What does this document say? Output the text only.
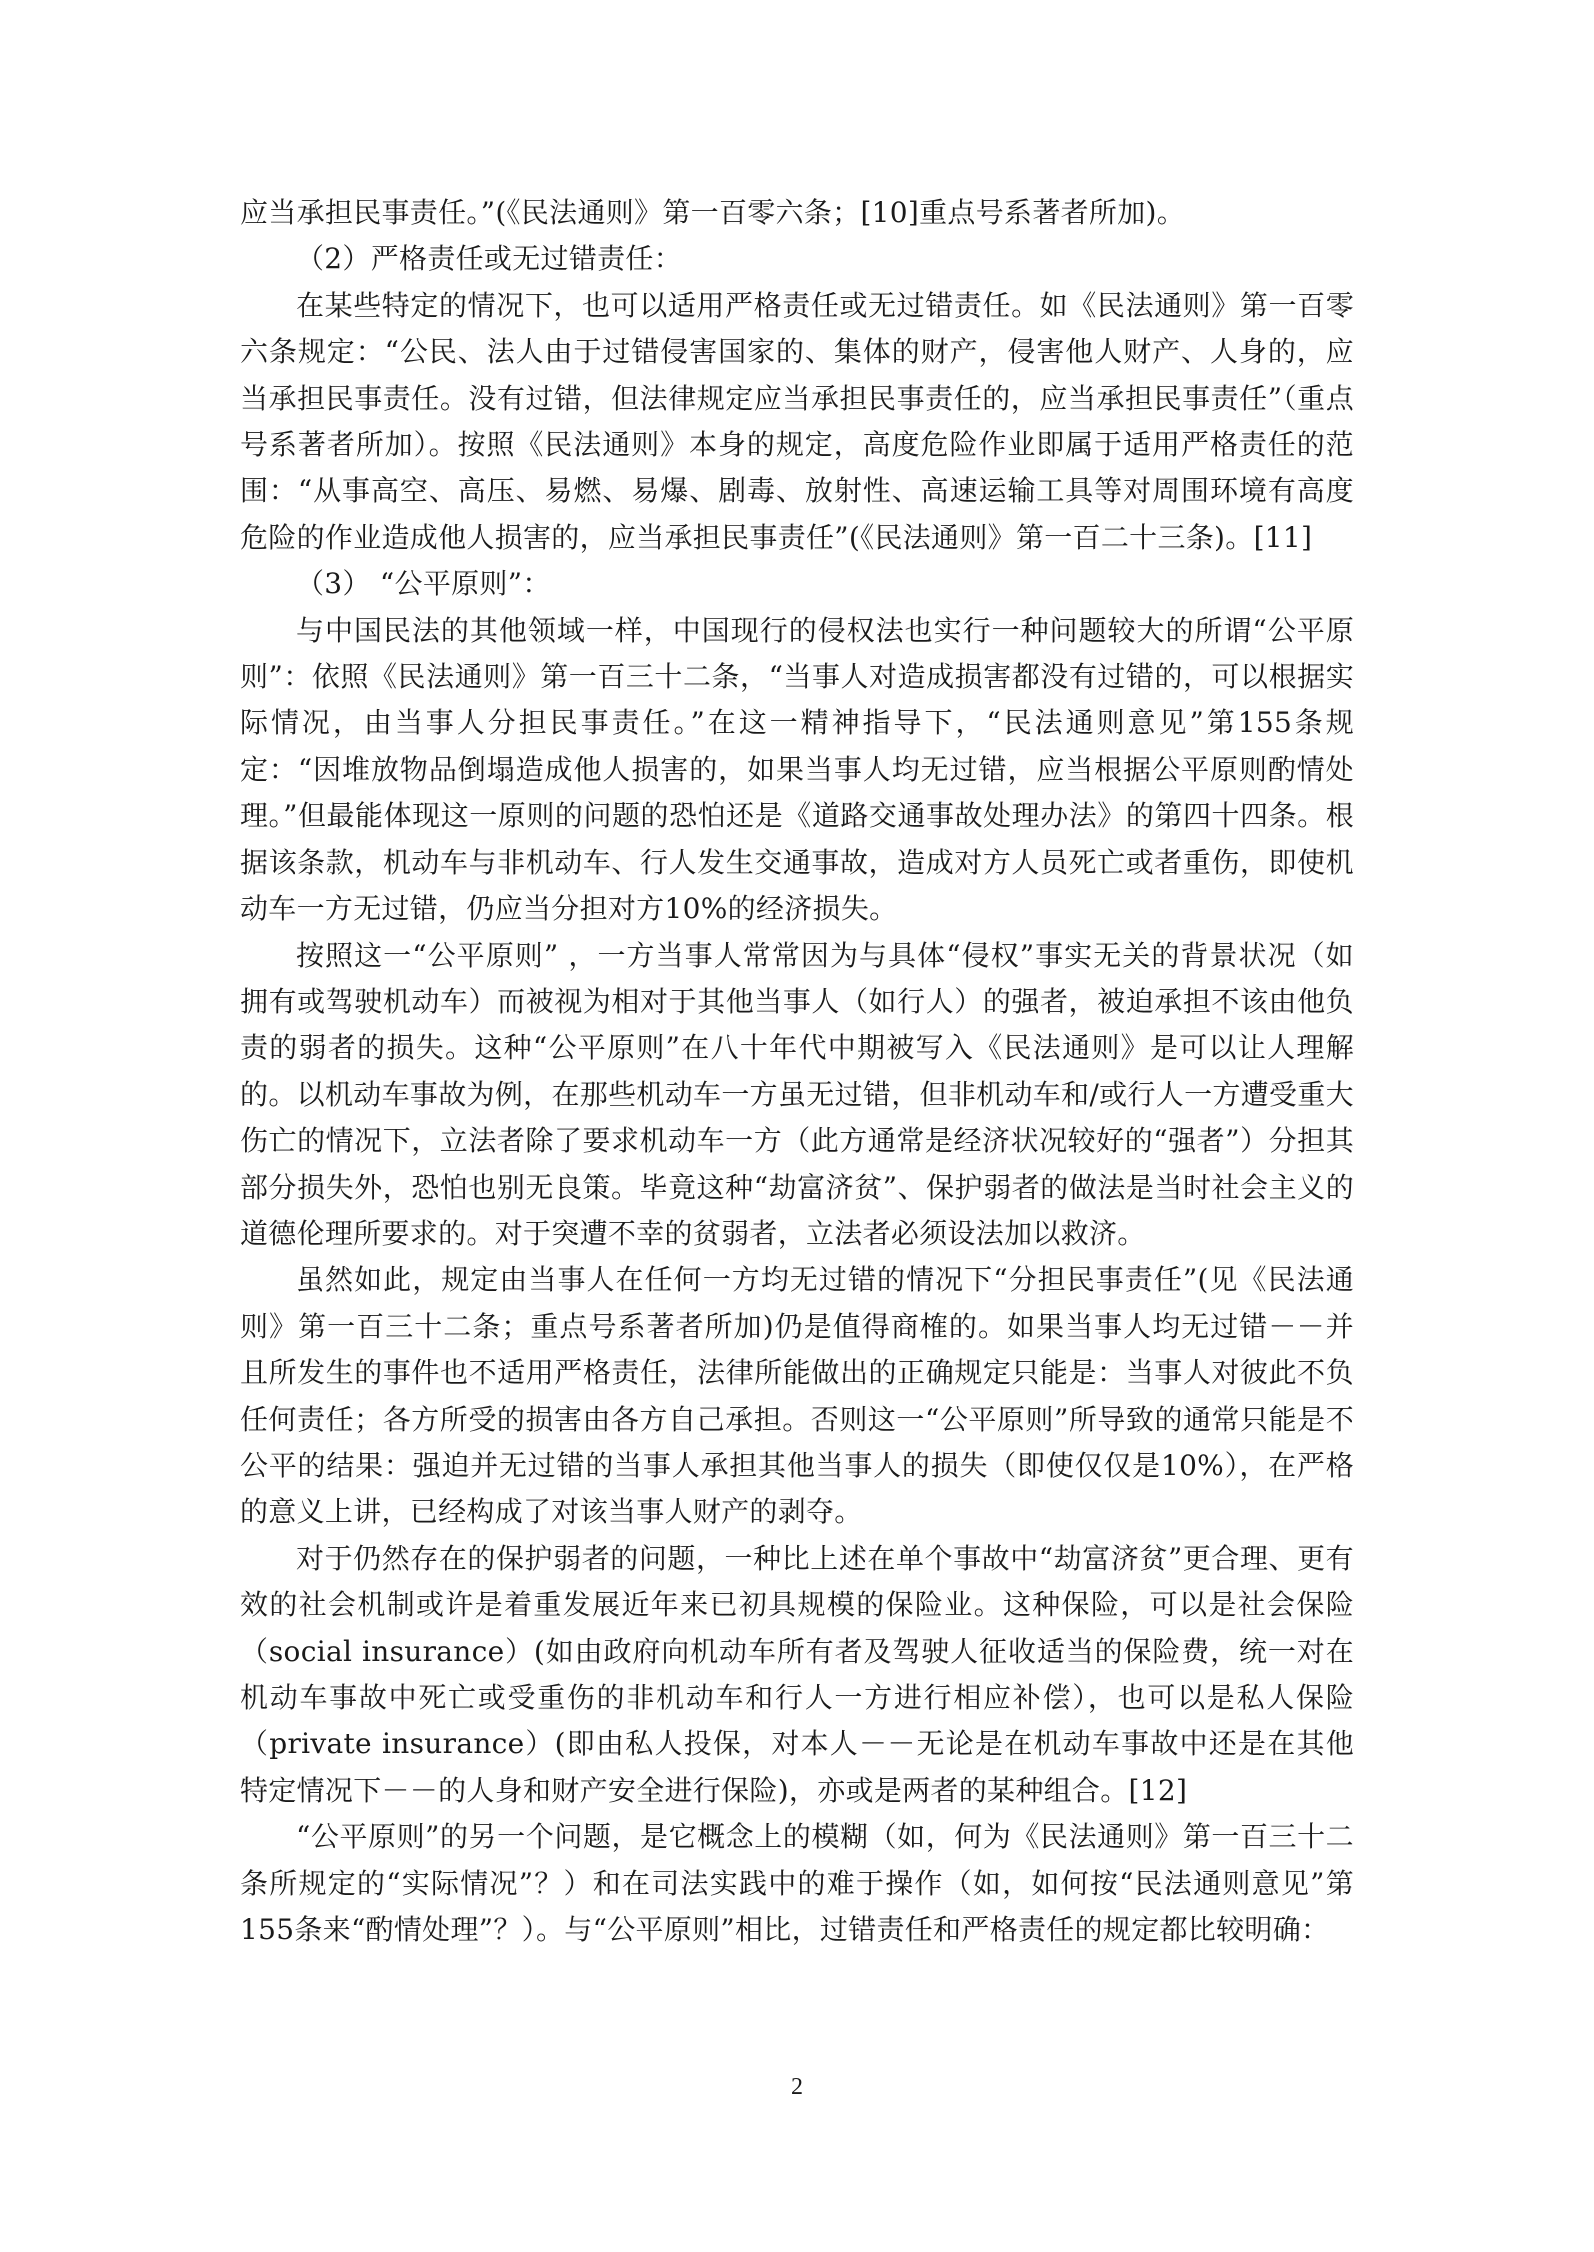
应当承担民事责任。”(《民法通则》第一百零六条；[10]重点号系著者所加)。

（2）严格责任或无过错责任：

在某些特定的情况下，也可以适用严格责任或无过错责任。如《民法通则》第一百零六条规定：“公民、法人由于过错侵害国家的、集体的财产，侵害他人财产、人身的，应当承担民事责任。没有过错，但法律规定应当承担民事责任的，应当承担民事责任”（重点号系著者所加）。按照《民法通则》本身的规定，高度危险作业即属于适用严格责任的范围：“从事高空、高压、易燃、易爆、剧毒、放射性、高速运输工具等对周围环境有高度危险的作业造成他人损害的，应当承担民事责任”(《民法通则》第一百二十三条)。[11]

（3） “公平原则”：

与中国民法的其他领域一样，中国现行的侵权法也实行一种问题较大的所谓“公平原则”：依照《民法通则》第一百三十二条，“当事人对造成损害都没有过错的，可以根据实际情况，由当事人分担民事责任。”在这一精神指导下，“民法通则意见”第155条规定：“因堆放物品倒塌造成他人损害的，如果当事人均无过错，应当根据公平原则酌情处理。”但最能体现这一原则的问题的恐怕还是《道路交通事故处理办法》的第四十四条。根据该条款，机动车与非机动车、行人发生交通事故，造成对方人员死亡或者重伤，即使机动车一方无过错，仍应当分担对方10%的经济损失。

按照这一“公平原则” ，一方当事人常常因为与具体“侵权”事实无关的背景状况（如拥有或驾驶机动车）而被视为相对于其他当事人（如行人）的强者，被迫承担不该由他负责的弱者的损失。这种“公平原则”在八十年代中期被写入《民法通则》是可以让人理解的。以机动车事故为例，在那些机动车一方虽无过错，但非机动车和/或行人一方遭受重大伤亡的情况下，立法者除了要求机动车一方（此方通常是经济状况较好的“强者”）分担其部分损失外，恐怕也别无良策。毕竟这种“劫富济贫”、保护弱者的做法是当时社会主义的道德伦理所要求的。对于突遭不幸的贫弱者，立法者必须设法加以救济。

虽然如此，规定由当事人在任何一方均无过错的情况下“分担民事责任”(见《民法通则》第一百三十二条；重点号系著者所加)仍是值得商榷的。如果当事人均无过错－－并且所发生的事件也不适用严格责任，法律所能做出的正确规定只能是：当事人对彼此不负任何责任；各方所受的损害由各方自己承担。否则这一“公平原则”所导致的通常只能是不公平的结果：强迫并无过错的当事人承担其他当事人的损失（即使仅仅是10%），在严格的意义上讲，已经构成了对该当事人财产的剥夺。

对于仍然存在的保护弱者的问题，一种比上述在单个事故中“劫富济贫”更合理、更有效的社会机制或许是着重发展近年来已初具规模的保险业。这种保险，可以是社会保险（social insurance）(如由政府向机动车所有者及驾驶人征收适当的保险费，统一对在机动车事故中死亡或受重伤的非机动车和行人一方进行相应补偿），也可以是私人保险（private insurance）(即由私人投保，对本人－－无论是在机动车事故中还是在其他特定情况下－－的人身和财产安全进行保险)，亦或是两者的某种组合。[12]

“公平原则”的另一个问题，是它概念上的模糊（如，何为《民法通则》第一百三十二条所规定的“实际情况”？）和在司法实践中的难于操作（如，如何按“民法通则意见”第155条来“酌情处理”？）。与“公平原则”相比，过错责任和严格责任的规定都比较明确：

2
